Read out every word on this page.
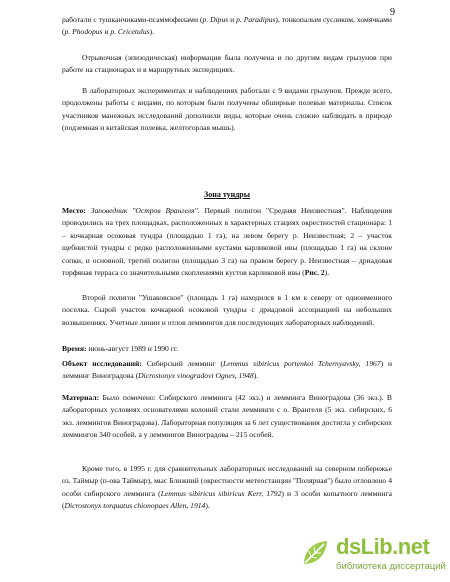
9

работали с тушканчиками-псаммофилами (p. Dipus и p. Paradipus), тонкопалым сусликом, хомячками (p. Phodopus и p. Cricetulus).

Отрывочная (эпизодическая) информация была получена и по другим видам грызунов при работе на стационарах и в маршрутных экспедициях.

В лабораторных экспериментах и наблюдениях работали с 9 видами грызунов. Прежде всего, продолжены работы с видами, по которым были получены обширные полевые материалы. Список участников манежных исследований дополнили виды, которые очень сложно наблюдать в природе (подземная и китайская полевка, желтогорлая мышь).

Зона тундры

Место: Заповедник "Остров Врангеля". Первый полигон "Средняя Неизвестная". Наблюдения проводились на трех площадках, расположенных в характерных стациях окрестностей стационара: 1 – кочкарная осоковая тундра (площадью 1 га), на левом берегу р. Неизвестная; 2 – участок щебнистой тундры с редко расположенными кустами карликовой ивы (площадью 1 га) на склоне сопки, и основной, третий полигон (площадью 3 га) на правом берегу р. Неизвестная – дриадовая торфяная терраса со значительными скоплениями кустов карликовой ивы (Рис. 2).

Второй полигон "Ушаковское" (площадь 1 га) находился в 1 км к северу от одноименного поселка. Сырой участок кочкарной осоковой тундры с дриадовой ассоциацией на небольших возвышениях. Учетные линии и отлов леммингов для последующих лабораторных наблюдений.

Время: июнь-август 1989 и 1990 гг.

Объект исследований: Сибирский лемминг (Lemmus sibiricus portenkoi Tchernyavsky, 1967) и лемминг Виноградова (Dicrostonyx vinogradovi Ognev, 1948).

Материал: Было помечено: Сибирского лемминга (42 экз.) и лемминга Виноградова (36 экз.). В лабораторных условиях основателями колоний стали лемминги с о. Врангеля (5 экз. сибирских, 6 экз. леммингов Виноградова). Лабораторная популяция за 6 лет существования достигла у сибирских леммингов 340 особей, а у леммингов Виноградова – 215 особей.

Кроме того, в 1995 г. для сравнительных лабораторных исследований на северном побережье оз. Таймыр (п-ова Таймыр), мыс Ближний (окрестности метеостанции "Полярная") было отловлено 4 особи сибирского лемминга (Lemmus sibiricus sibiricus Kerr, 1792) и 3 особи копытного лемминга (Dicrostonyx torquatus chionopaes Allen, 1914).

dsLib.net
библиотека диссертаций
